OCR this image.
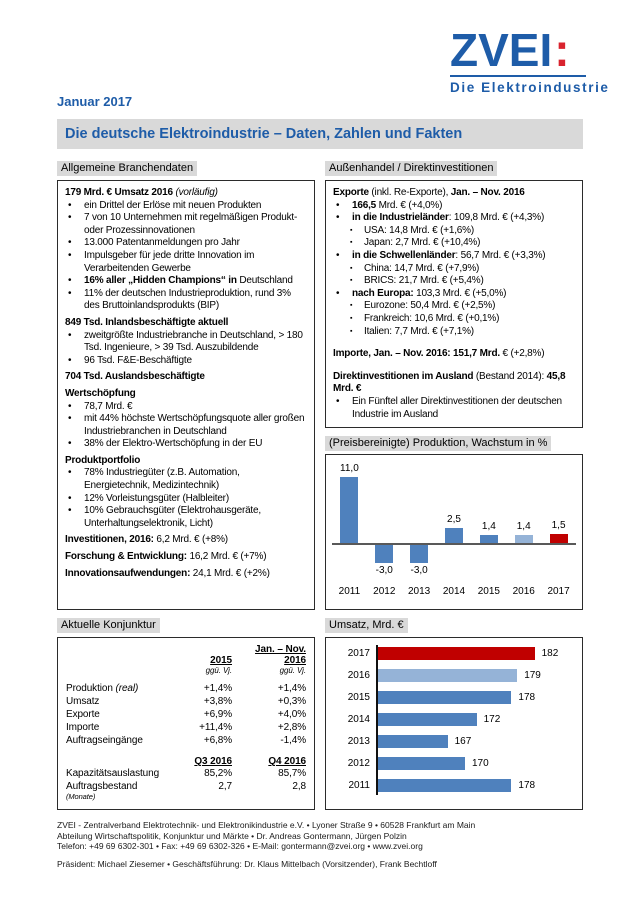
ZVEI:
Die Elektroindustrie
Januar 2017
Die deutsche Elektroindustrie – Daten, Zahlen und Fakten
Allgemeine Branchendaten
179 Mrd. € Umsatz 2016 (vorläufig)
•	ein Drittel der Erlöse mit neuen Produkten
•	7 von 10 Unternehmen mit regelmäßigen Produkt- oder Prozessinnovationen
•	13.000 Patentanmeldungen pro Jahr
•	Impulsgeber für jede dritte Innovation im Verarbeitenden Gewerbe
•	16% aller „Hidden Champions“ in Deutschland
•	11% der deutschen Industrieproduktion, rund 3% des Bruttoinlandsprodukts (BIP)
849 Tsd. Inlandsbeschäftigte aktuell
•	zweitgrößte Industriebranche in Deutschland, > 180 Tsd. Ingenieure, > 39 Tsd. Auszubildende
•	96 Tsd. F&E-Beschäftigte
704 Tsd. Auslandsbeschäftigte
Wertschöpfung
•	78,7 Mrd. €
•	mit 44% höchste Wertschöpfungsquote aller großen Industriebranchen in Deutschland
•	38% der Elektro-Wertschöpfung in der EU
Produktportfolio
•	78% Industriegüter (z.B. Automation, Energietechnik, Medizintechnik)
•	12% Vorleistungsgüter (Halbleiter)
•	10% Gebrauchsgüter (Elektrohausgeräte, Unterhaltungselektronik, Licht)
Investitionen, 2016: 6,2 Mrd. € (+8%)
Forschung & Entwicklung: 16,2 Mrd. € (+7%)
Innovationsaufwendungen: 24,1 Mrd. € (+2%)
Außenhandel / Direktinvestitionen
Exporte (inkl. Re-Exporte), Jan. – Nov. 2016
•	166,5 Mrd. € (+4,0%)
•	in die Industrieländer: 109,8 Mrd. € (+4,3%)
▪	USA: 14,8 Mrd. € (+1,6%)
▪	Japan: 2,7 Mrd. € (+10,4%)
•	in die Schwellenländer: 56,7 Mrd. € (+3,3%)
▪	China: 14,7 Mrd. € (+7,9%)
▪	BRICS: 21,7 Mrd. € (+5,4%)
•	nach Europa: 103,3 Mrd. € (+5,0%)
▪	Eurozone: 50,4 Mrd. € (+2,5%)
▪	Frankreich: 10,6 Mrd. € (+0,1%)
▪	Italien: 7,7 Mrd. € (+7,1%)
Importe, Jan. – Nov. 2016: 151,7 Mrd. € (+2,8%)
Direktinvestitionen im Ausland (Bestand 2014): 45,8 Mrd. €
•	Ein Fünftel aller Direktinvestitionen der deutschen Industrie im Ausland
(Preisbereinigte) Produktion, Wachstum in %
11,0
2011
-3,0
2012
-3,0
2013
2,5
2014
1,4
2015
1,4
2016
1,5
2017
Aktuelle Konjunktur
Jan. – Nov.
2015	2016
ggü. Vj.	ggü. Vj.
Produktion (real)	+1,4%	+1,4%
Umsatz	+3,8%	+0,3%
Exporte	+6,9%	+4,0%
Importe	+11,4%	+2,8%
Auftragseingänge	+6,8%	-1,4%
Q3 2016	Q4 2016
Kapazitätsauslastung	85,2%	85,7%
Auftragsbestand	2,7	2,8
(Monate)
Umsatz, Mrd. €
2017	182
2016	179
2015	178
2014	172
2013	167
2012	170
2011	178
ZVEI - Zentralverband Elektrotechnik- und Elektronikindustrie e.V. • Lyoner Straße 9 • 60528 Frankfurt am Main
Abteilung Wirtschaftspolitik, Konjunktur und Märkte • Dr. Andreas Gontermann, Jürgen Polzin
Telefon: +49 69 6302-301 • Fax: +49 69 6302-326 • E-Mail: gontermann@zvei.org • www.zvei.org
Präsident: Michael Ziesemer • Geschäftsführung: Dr. Klaus Mittelbach (Vorsitzender), Frank Bechtloff
